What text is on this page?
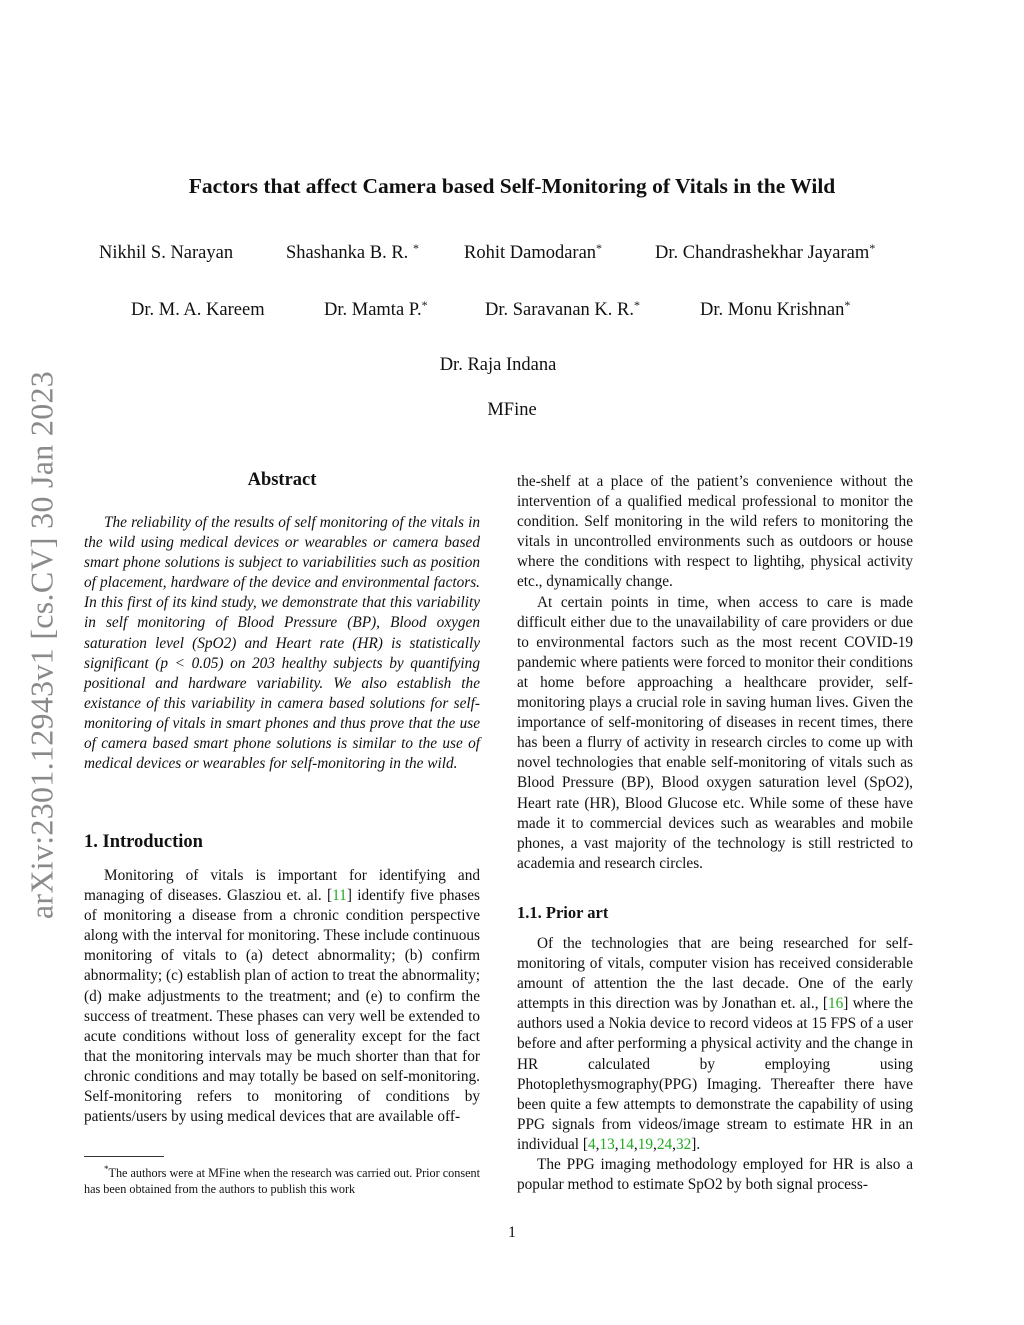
arXiv:2301.12943v1 [cs.CV] 30 Jan 2023
Factors that affect Camera based Self-Monitoring of Vitals in the Wild
Nikhil S. Narayan	Shashanka B. R. * Rohit Damodaran*	Dr. Chandrashekhar Jayaram*
Dr. M. A. Kareem	Dr. Mamta P.*	Dr. Saravanan K. R.*	Dr. Monu Krishnan*
Dr. Raja Indana
MFine
Abstract

The reliability of the results of self monitoring of the vitals in the wild using medical devices or wearables or camera based smart phone solutions is subject to variabilities such as position of placement, hardware of the device and environmental factors. In this first of its kind study, we demonstrate that this variability in self monitoring of Blood Pressure (BP), Blood oxygen saturation level (SpO2) and Heart rate (HR) is statistically significant (p < 0.05) on 203 healthy subjects by quantifying positional and hardware variability. We also establish the existance of this variability in camera based solutions for self-monitoring of vitals in smart phones and thus prove that the use of camera based smart phone solutions is similar to the use of medical devices or wearables for self-monitoring in the wild.

1. Introduction

Monitoring of vitals is important for identifying and managing of diseases. Glasziou et. al. [11] identify five phases of monitoring a disease from a chronic condition perspective along with the interval for monitoring. These include continuous monitoring of vitals to (a) detect abnormality; (b) confirm abnormality; (c) establish plan of action to treat the abnormality; (d) make adjustments to the treatment; and (e) to confirm the success of treatment. These phases can very well be extended to acute conditions without loss of generality except for the fact that the monitoring intervals may be much shorter than that for chronic conditions and may totally be based on self-monitoring. Self-monitoring refers to monitoring of conditions by patients/users by using medical devices that are available off-

*The authors were at MFine when the research was carried out. Prior consent has been obtained from the authors to publish this work

the-shelf at a place of the patient’s convenience without the intervention of a qualified medical professional to monitor the condition. Self monitoring in the wild refers to monitoring the vitals in uncontrolled environments such as outdoors or house where the conditions with respect to lightihg, physical activity etc., dynamically change.

At certain points in time, when access to care is made difficult either due to the unavailability of care providers or due to environmental factors such as the most recent COVID-19 pandemic where patients were forced to monitor their conditions at home before approaching a healthcare provider, self-monitoring plays a crucial role in saving human lives. Given the importance of self-monitoring of diseases in recent times, there has been a flurry of activity in research circles to come up with novel technologies that enable self-monitoring of vitals such as Blood Pressure (BP), Blood oxygen saturation level (SpO2), Heart rate (HR), Blood Glucose etc. While some of these have made it to commercial devices such as wearables and mobile phones, a vast majority of the technology is still restricted to academia and research circles.

1.1. Prior art

Of the technologies that are being researched for self-monitoring of vitals, computer vision has received considerable amount of attention the the last decade. One of the early attempts in this direction was by Jonathan et. al., [16] where the authors used a Nokia device to record videos at 15 FPS of a user before and after performing a physical activity and the change in HR calculated by employing using Photoplethysmography(PPG) Imaging. Thereafter there have been quite a few attempts to demonstrate the capability of using PPG signals from videos/image stream to estimate HR in an individual [4,13,14,19,24,32].

The PPG imaging methodology employed for HR is also a popular method to estimate SpO2 by both signal process-

1
